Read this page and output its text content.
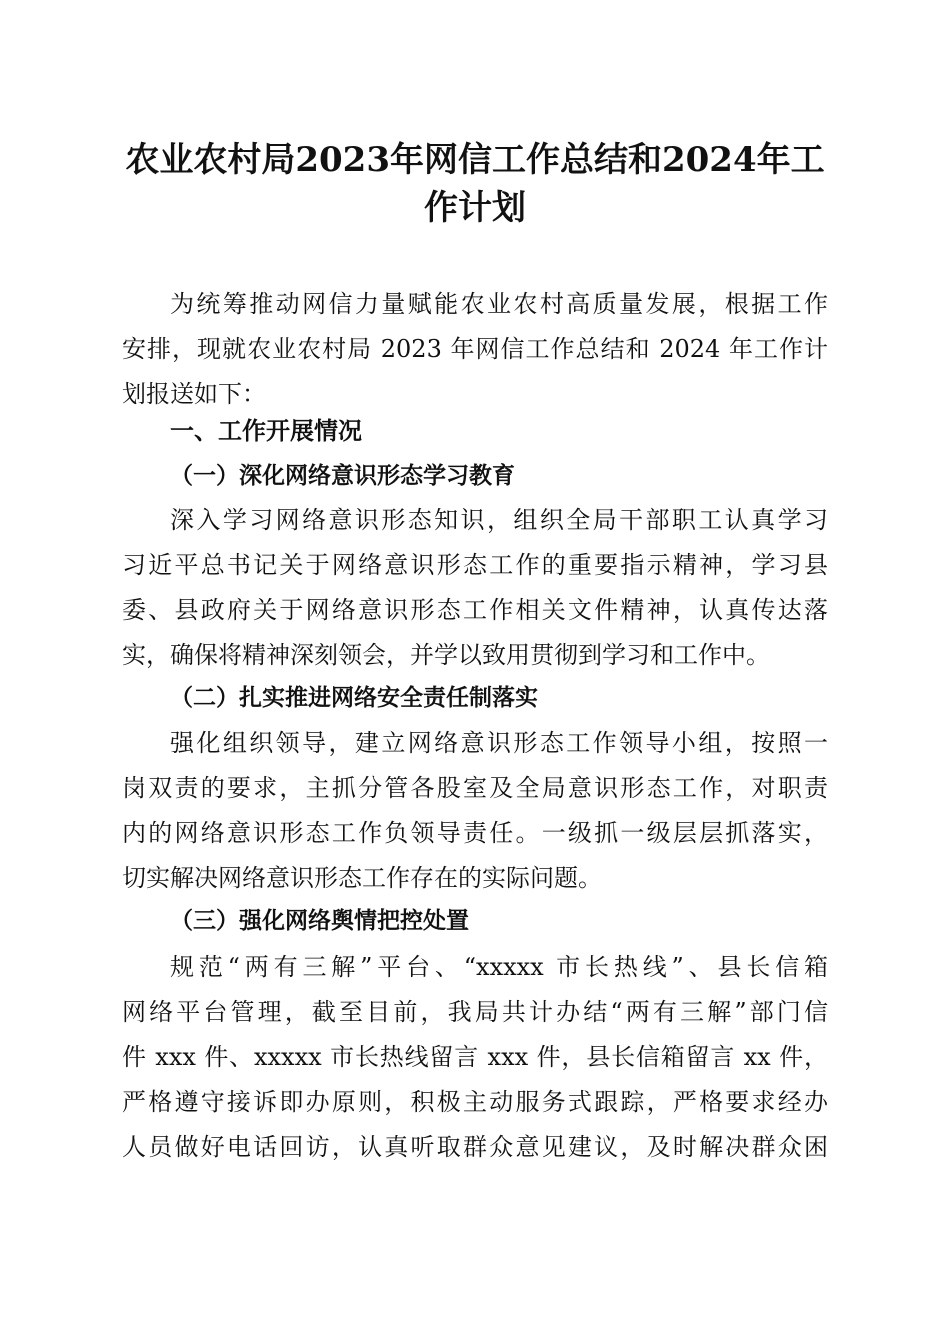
农业农村局2023年网信工作总结和2024年工
作计划

为统筹推动网信力量赋能农业农村高质量发展，根据工作
安排，现就农业农村局 2023 年网信工作总结和 2024 年工作计
划报送如下：

一、工作开展情况
（一）深化网络意识形态学习教育

深入学习网络意识形态知识，组织全局干部职工认真学习
习近平总书记关于网络意识形态工作的重要指示精神，学习县
委、县政府关于网络意识形态工作相关文件精神，认真传达落
实，确保将精神深刻领会，并学以致用贯彻到学习和工作中。

（二）扎实推进网络安全责任制落实

强化组织领导，建立网络意识形态工作领导小组，按照一
岗双责的要求，主抓分管各股室及全局意识形态工作，对职责
内的网络意识形态工作负领导责任。一级抓一级层层抓落实，
切实解决网络意识形态工作存在的实际问题。

（三）强化网络舆情把控处置

规范“两有三解”平台、“xxxxx 市长热线”、县长信箱
网络平台管理，截至目前，我局共计办结“两有三解”部门信
件 xxx 件、xxxxx 市长热线留言 xxx 件，县长信箱留言 xx 件，
严格遵守接诉即办原则，积极主动服务式跟踪，严格要求经办
人员做好电话回访，认真听取群众意见建议，及时解决群众困
